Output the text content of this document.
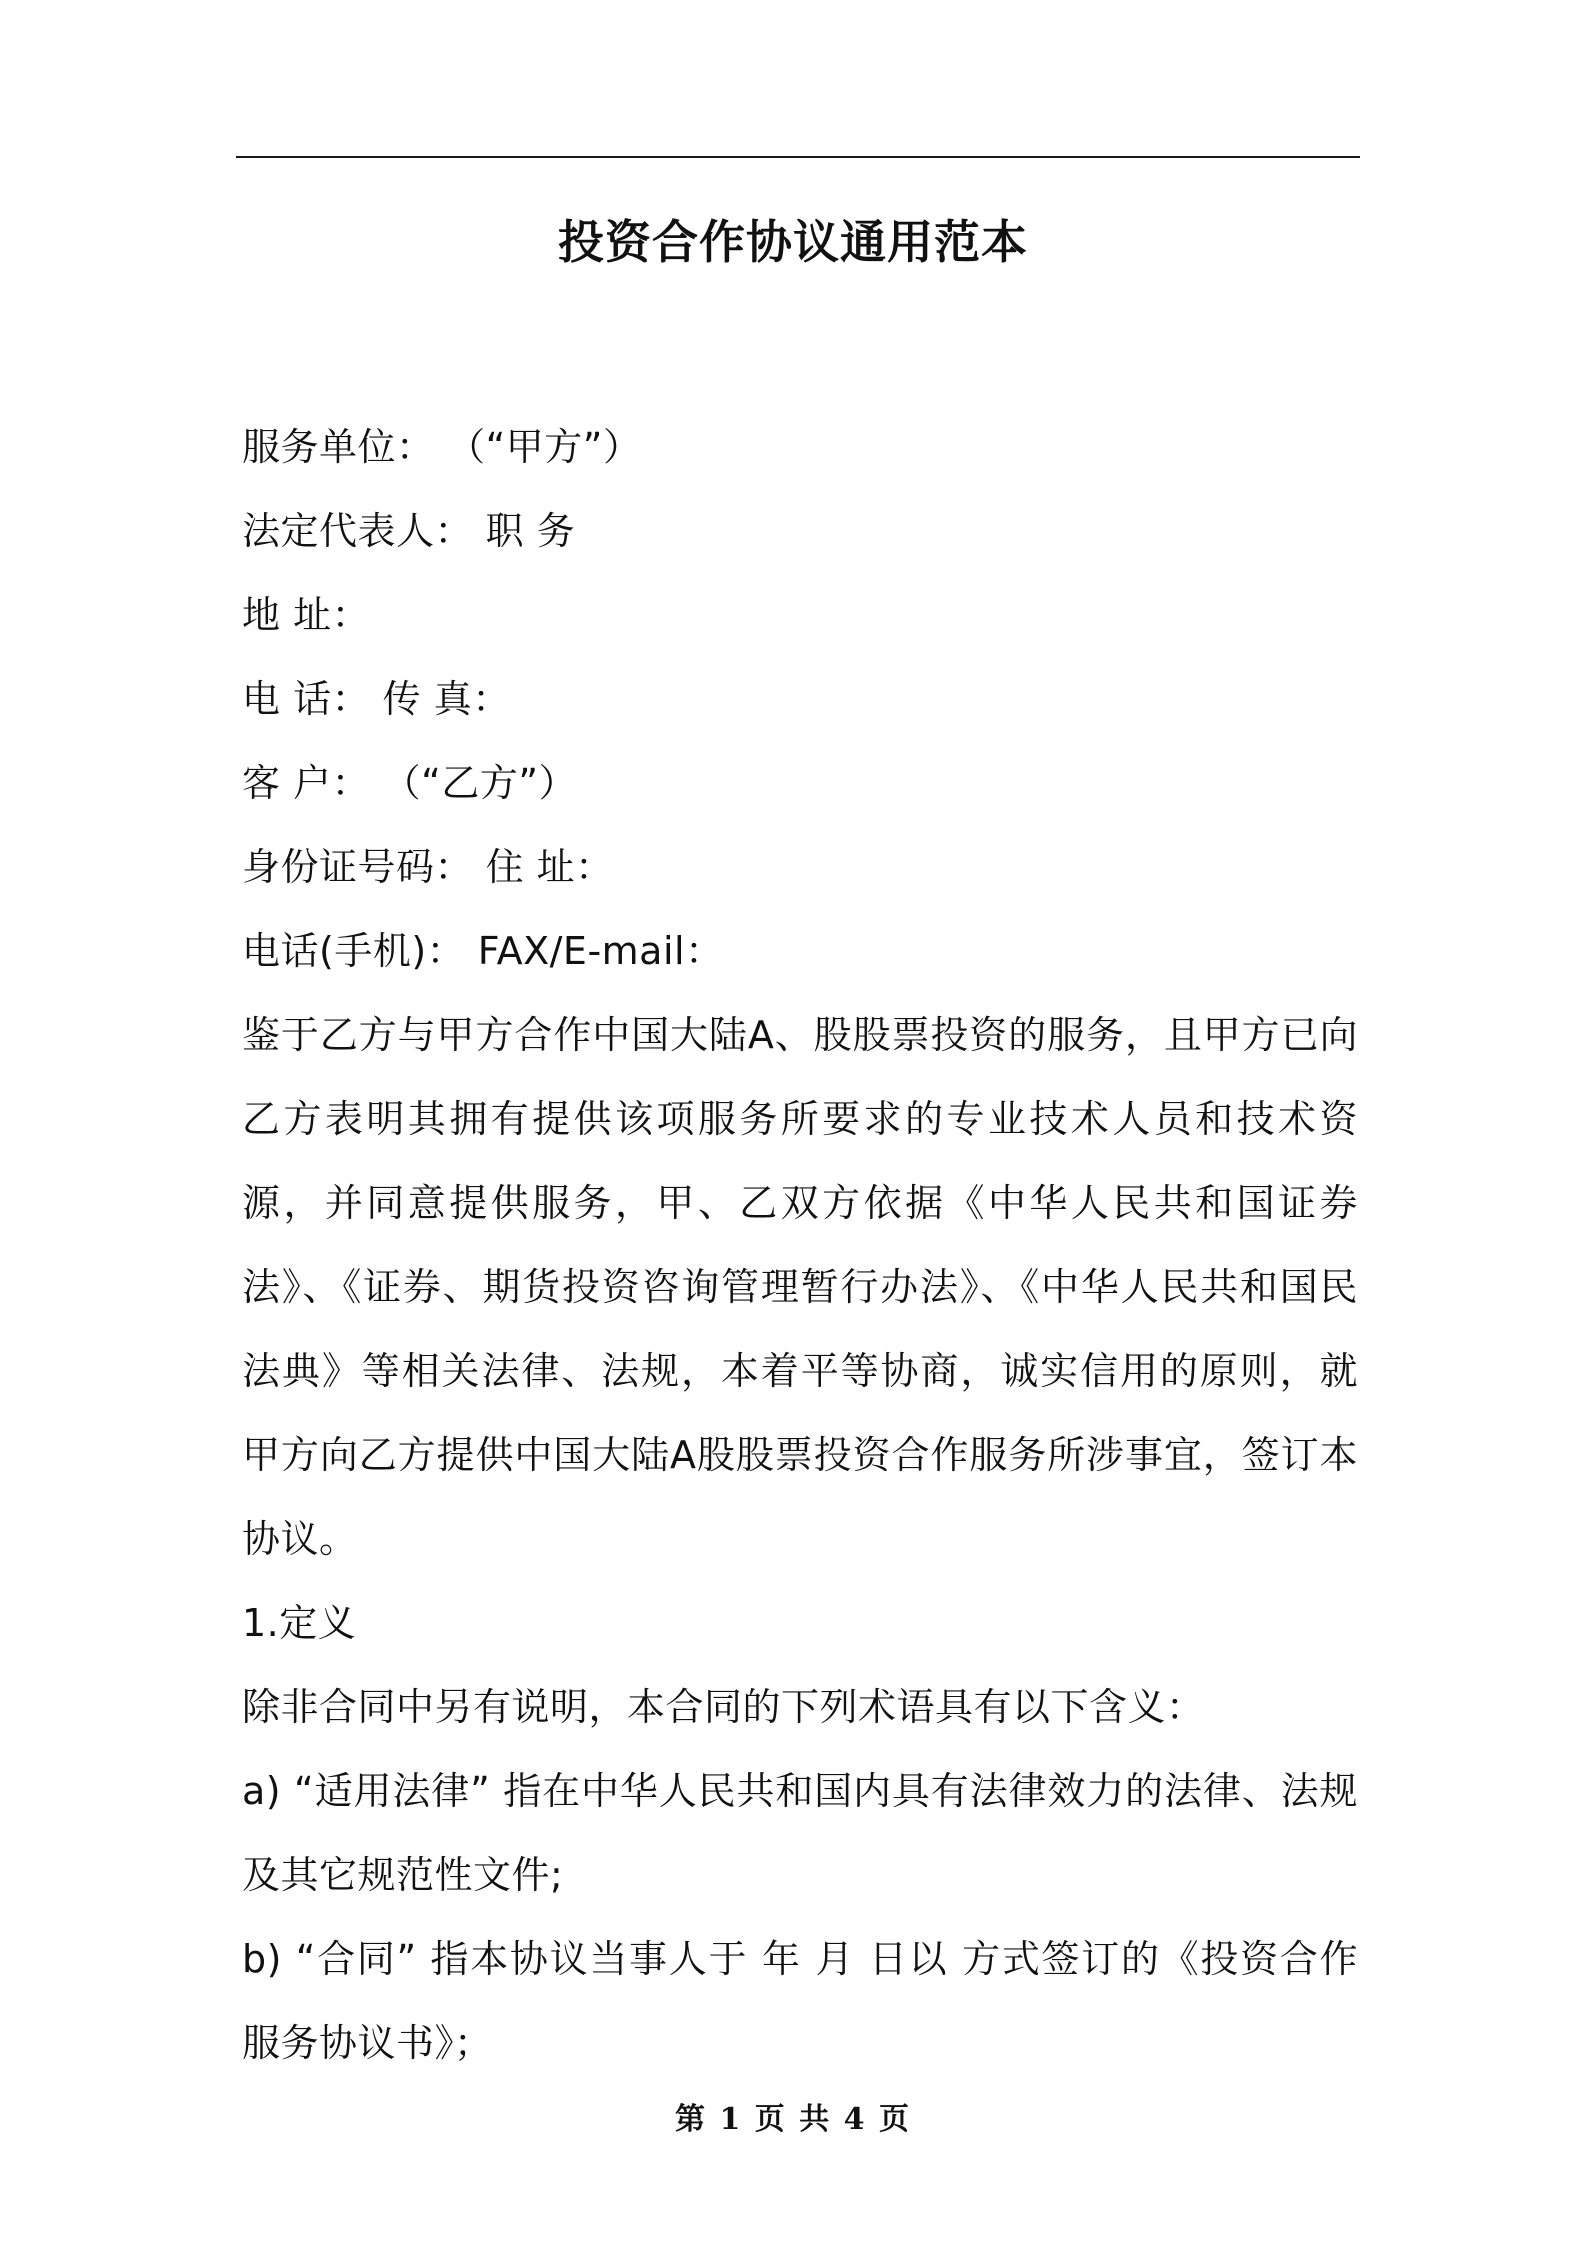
投资合作协议通用范本
服务单位： （“甲方”）
法定代表人： 职 务
地 址：
电 话： 传 真：
客 户： （“乙方”）
身份证号码： 住 址：
电话(手机)： FAX/E-mail：
鉴于乙方与甲方合作中国大陆A、股股票投资的服务，且甲方已向乙方表明其拥有提供该项服务所要求的专业技术人员和技术资源，并同意提供服务，甲、乙双方依据《中华人民共和国证券法》、《证券、期货投资咨询管理暂行办法》、《中华人民共和国民法典》等相关法律、法规，本着平等协商，诚实信用的原则，就甲方向乙方提供中国大陆A股股票投资合作服务所涉事宜，签订本协议。
1.定义
除非合同中另有说明，本合同的下列术语具有以下含义：
a) “适用法律” 指在中华人民共和国内具有法律效力的法律、法规及其它规范性文件;
b) “合同” 指本协议当事人于 年 月 日以 方式签订的《投资合作服务协议书》；
第 1 页 共 4 页
